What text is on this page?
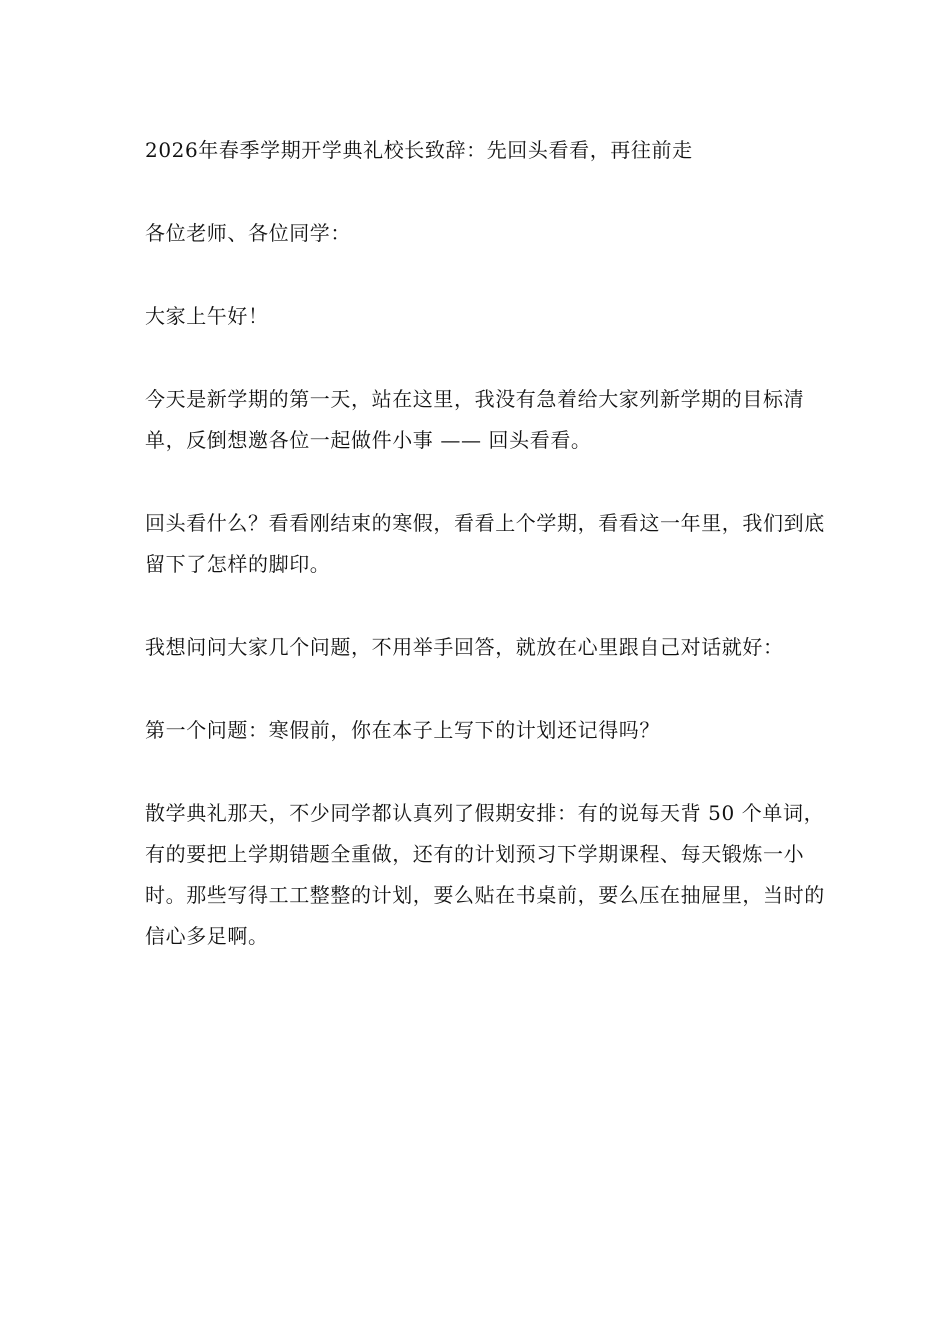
2026年春季学期开学典礼校长致辞：先回头看看，再往前走

各位老师、各位同学：

大家上午好！

今天是新学期的第一天，站在这里，我没有急着给大家列新学期的目标清单，反倒想邀各位一起做件小事 —— 回头看看。

回头看什么？看看刚结束的寒假，看看上个学期，看看这一年里，我们到底留下了怎样的脚印。

我想问问大家几个问题，不用举手回答，就放在心里跟自己对话就好：

第一个问题：寒假前，你在本子上写下的计划还记得吗？

散学典礼那天，不少同学都认真列了假期安排：有的说每天背 50 个单词，有的要把上学期错题全重做，还有的计划预习下学期课程、每天锻炼一小时。那些写得工工整整的计划，要么贴在书桌前，要么压在抽屉里，当时的信心多足啊。
